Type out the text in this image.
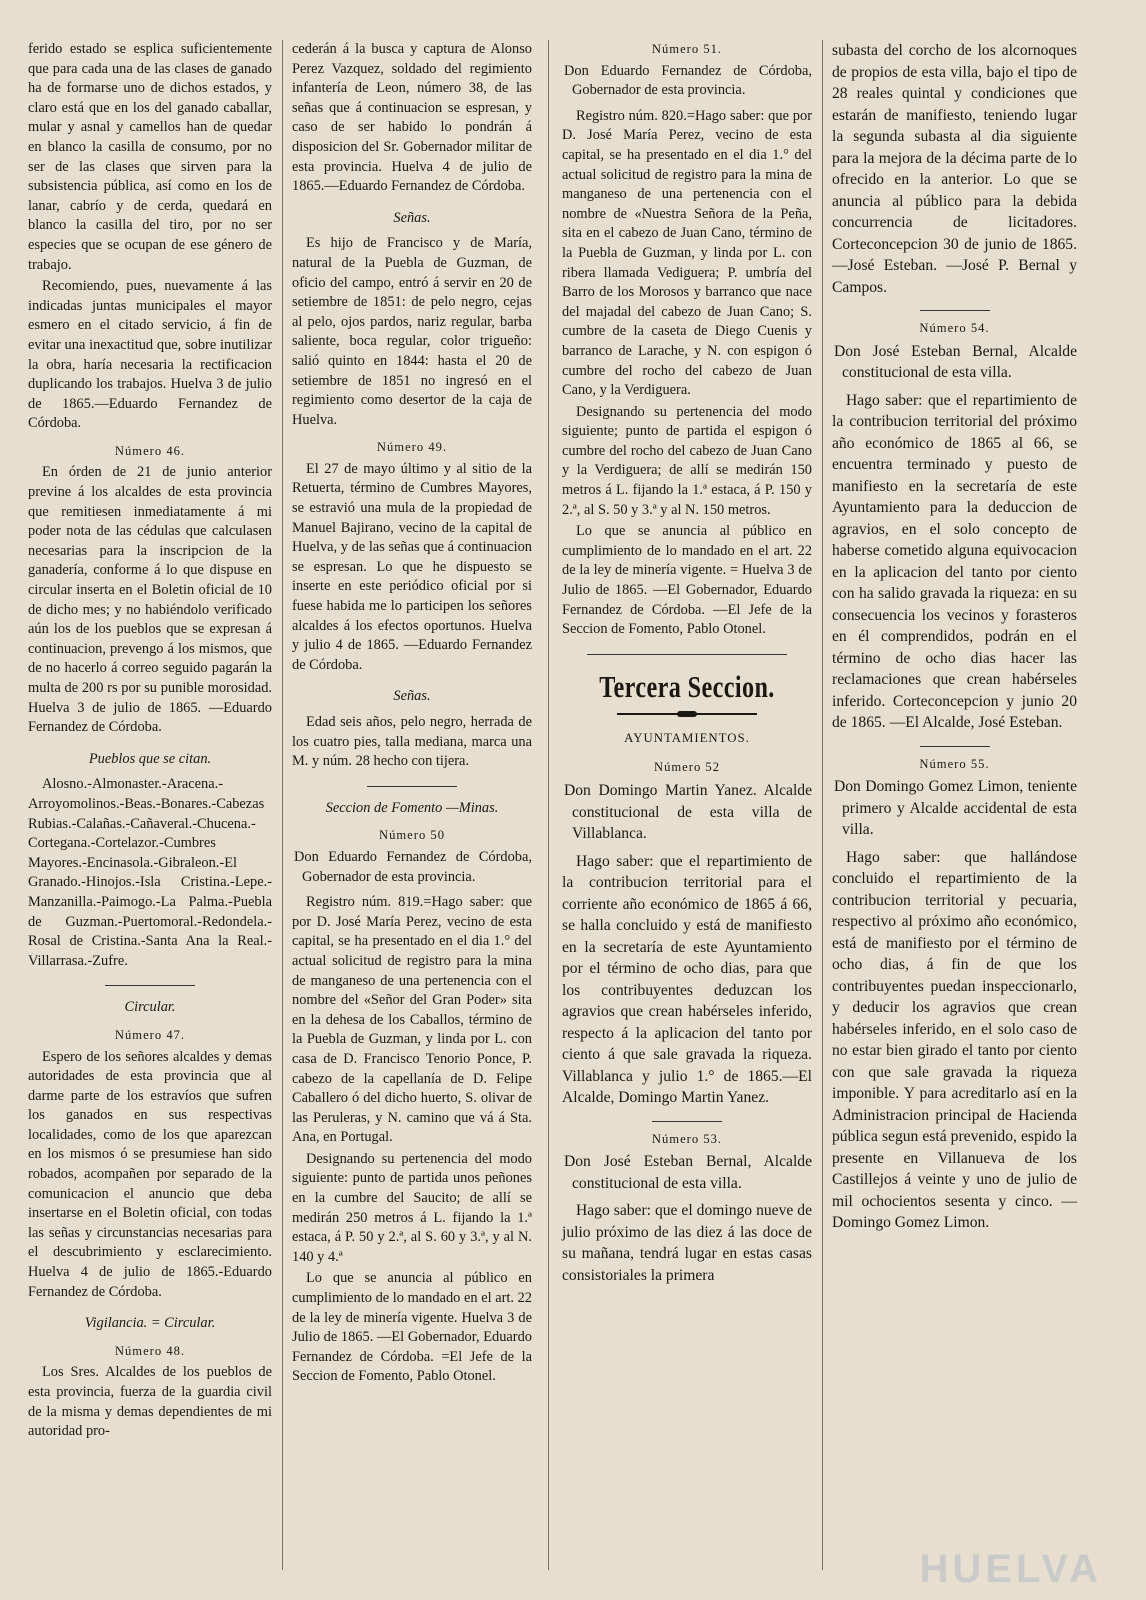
ferido estado se esplica suficientemente que para cada una de las clases de ganado ha de formarse uno de dichos estados, y claro está que en los del ganado caballar, mular y asnal y camellos han de quedar en blanco la casilla de consumo, por no ser de las clases que sirven para la subsistencia pública, así como en los de lanar, cabrío y de cerda, quedará en blanco la casilla del tiro, por no ser especies que se ocupan de ese género de trabajo.

Recomiendo, pues, nuevamente á las indicadas juntas municipales el mayor esmero en el citado servicio, á fin de evitar una inexactitud que, sobre inutilizar la obra, haría necesaria la rectificacion duplicando los trabajos. Huelva 3 de julio de 1865.—Eduardo Fernandez de Córdoba.

Número 46.

En órden de 21 de junio anterior previne á los alcaldes de esta provincia que remitiesen inmediatamente á mi poder nota de las cédulas que calculasen necesarias para la inscripcion de la ganadería, conforme á lo que dispuse en circular inserta en el Boletin oficial de 10 de dicho mes; y no habiéndolo verificado aún los de los pueblos que se expresan á continuacion, prevengo á los mismos, que de no hacerlo á correo seguido pagarán la multa de 200 rs por su punible morosidad. Huelva 3 de julio de 1865. —Eduardo Fernandez de Córdoba.

Pueblos que se citan.

Alosno.-Almonaster.-Aracena.-Arroyomolinos.-Beas.-Bonares.-Cabezas Rubias.-Calañas.-Cañaveral.-Chucena.-Cortegana.-Cortelazor.-Cumbres Mayores.-Encinasola.-Gibraleon.-El Granado.-Hinojos.-Isla Cristina.-Lepe.-Manzanilla.-Paimogo.-La Palma.-Puebla de Guzman.-Puertomoral.-Redondela.-Rosal de Cristina.-Santa Ana la Real.-Villarrasa.-Zufre.

Circular.
Número 47.

Espero de los señores alcaldes y demas autoridades de esta provincia que al darme parte de los estravíos que sufren los ganados en sus respectivas localidades, como de los que aparezcan en los mismos ó se presumiese han sido robados, acompañen por separado de la comunicacion el anuncio que deba insertarse en el Boletin oficial, con todas las señas y circunstancias necesarias para el descubrimiento y esclarecimiento. Huelva 4 de julio de 1865.-Eduardo Fernandez de Córdoba.

Vigilancia. = Circular.
Número 48.

Los Sres. Alcaldes de los pueblos de esta provincia, fuerza de la guardia civil de la misma y demas dependientes de mi autoridad pro-

cederán á la busca y captura de Alonso Perez Vazquez, soldado del regimiento infantería de Leon, número 38, de las señas que á continuacion se espresan, y caso de ser habido lo pondrán á disposicion del Sr. Gobernador militar de esta provincia. Huelva 4 de julio de 1865.—Eduardo Fernandez de Córdoba.

Señas.

Es hijo de Francisco y de María, natural de la Puebla de Guzman, de oficio del campo, entró á servir en 20 de setiembre de 1851: de pelo negro, cejas al pelo, ojos pardos, nariz regular, barba saliente, boca regular, color trigueño: salió quinto en 1844: hasta el 20 de setiembre de 1851 no ingresó en el regimiento como desertor de la caja de Huelva.

Número 49.

El 27 de mayo último y al sitio de la Retuerta, término de Cumbres Mayores, se estravió una mula de la propiedad de Manuel Bajirano, vecino de la capital de Huelva, y de las señas que á continuacion se espresan. Lo que he dispuesto se inserte en este periódico oficial por si fuese habida me lo participen los señores alcaldes á los efectos oportunos. Huelva y julio 4 de 1865. —Eduardo Fernandez de Córdoba.

Señas.

Edad seis años, pelo negro, herrada de los cuatro pies, talla mediana, marca una M. y núm. 28 hecho con tijera.

Seccion de Fomento —Minas.
Número 50
Don Eduardo Fernandez de Córdoba, Gobernador de esta provincia.

Registro núm. 819.=Hago saber: que por D. José María Perez, vecino de esta capital, se ha presentado en el dia 1.° del actual solicitud de registro para la mina de manganeso de una pertenencia con el nombre del «Señor del Gran Poder» sita en la dehesa de los Caballos, término de la Puebla de Guzman, y linda por L. con casa de D. Francisco Tenorio Ponce, P. cabezo de la capellanía de D. Felipe Caballero ó del dicho huerto, S. olivar de las Peruleras, y N. camino que vá á Sta. Ana, en Portugal.

Designando su pertenencia del modo siguiente: punto de partida unos peñones en la cumbre del Saucito; de allí se medirán 250 metros á L. fijando la 1.ª estaca, á P. 50 y 2.ª, al S. 60 y 3.ª, y al N. 140 y 4.ª

Lo que se anuncia al público en cumplimiento de lo mandado en el art. 22 de la ley de minería vigente. Huelva 3 de Julio de 1865. —El Gobernador, Eduardo Fernandez de Córdoba. =El Jefe de la Seccion de Fomento, Pablo Otonel.

Número 51.
Don Eduardo Fernandez de Córdoba, Gobernador de esta provincia.

Registro núm. 820.=Hago saber: que por D. José María Perez, vecino de esta capital, se ha presentado en el dia 1.° del actual solicitud de registro para la mina de manganeso de una pertenencia con el nombre de «Nuestra Señora de la Peña, sita en el cabezo de Juan Cano, término de la Puebla de Guzman, y linda por L. con ribera llamada Vediguera; P. umbría del Barro de los Morosos y barranco que nace del majadal del cabezo de Juan Cano; S. cumbre de la caseta de Diego Cuenis y barranco de Larache, y N. con espigon ó cumbre del rocho del cabezo de Juan Cano, y la Verdiguera.

Designando su pertenencia del modo siguiente; punto de partida el espigon ó cumbre del rocho del cabezo de Juan Cano y la Verdiguera; de allí se medirán 150 metros á L. fijando la 1.ª estaca, á P. 150 y 2.ª, al S. 50 y 3.ª y al N. 150 metros.

Lo que se anuncia al público en cumplimiento de lo mandado en el art. 22 de la ley de minería vigente. = Huelva 3 de Julio de 1865. —El Gobernador, Eduardo Fernandez de Córdoba. —El Jefe de la Seccion de Fomento, Pablo Otonel.

Tercera Seccion.
AYUNTAMIENTOS.
Número 52
Don Domingo Martin Yanez. Alcalde constitucional de esta villa de Villablanca.

Hago saber: que el repartimiento de la contribucion territorial para el corriente año económico de 1865 á 66, se halla concluido y está de manifiesto en la secretaría de este Ayuntamiento por el término de ocho dias, para que los contribuyentes deduzcan los agravios que crean habérseles inferido, respecto á la aplicacion del tanto por ciento á que sale gravada la riqueza. Villablanca y julio 1.° de 1865.—El Alcalde, Domingo Martin Yanez.

Número 53.
Don José Esteban Bernal, Alcalde constitucional de esta villa.

Hago saber: que el domingo nueve de julio próximo de las diez á las doce de su mañana, tendrá lugar en estas casas consistoriales la primera

subasta del corcho de los alcornoques de propios de esta villa, bajo el tipo de 28 reales quintal y condiciones que estarán de manifiesto, teniendo lugar la segunda subasta al dia siguiente para la mejora de la décima parte de lo ofrecido en la anterior. Lo que se anuncia al público para la debida concurrencia de licitadores. Corteconcepcion 30 de junio de 1865. —José Esteban. —José P. Bernal y Campos.

Número 54.
Don José Esteban Bernal, Alcalde constitucional de esta villa.

Hago saber: que el repartimiento de la contribucion territorial del próximo año económico de 1865 al 66, se encuentra terminado y puesto de manifiesto en la secretaría de este Ayuntamiento para la deduccion de agravios, en el solo concepto de haberse cometido alguna equivocacion en la aplicacion del tanto por ciento con ha salido gravada la riqueza: en su consecuencia los vecinos y forasteros en él comprendidos, podrán en el término de ocho dias hacer las reclamaciones que crean habérseles inferido. Corteconcepcion y junio 20 de 1865. —El Alcalde, José Esteban.

Número 55.
Don Domingo Gomez Limon, teniente primero y Alcalde accidental de esta villa.

Hago saber: que hallándose concluido el repartimiento de la contribucion territorial y pecuaria, respectivo al próximo año económico, está de manifiesto por el término de ocho dias, á fin de que los contribuyentes puedan inspeccionarlo, y deducir los agravios que crean habérseles inferido, en el solo caso de no estar bien girado el tanto por ciento con que sale gravada la riqueza imponible. Y para acreditarlo así en la Administracion principal de Hacienda pública segun está prevenido, espido la presente en Villanueva de los Castillejos á veinte y uno de julio de mil ochocientos sesenta y cinco. —Domingo Gomez Limon.

HUELVA
